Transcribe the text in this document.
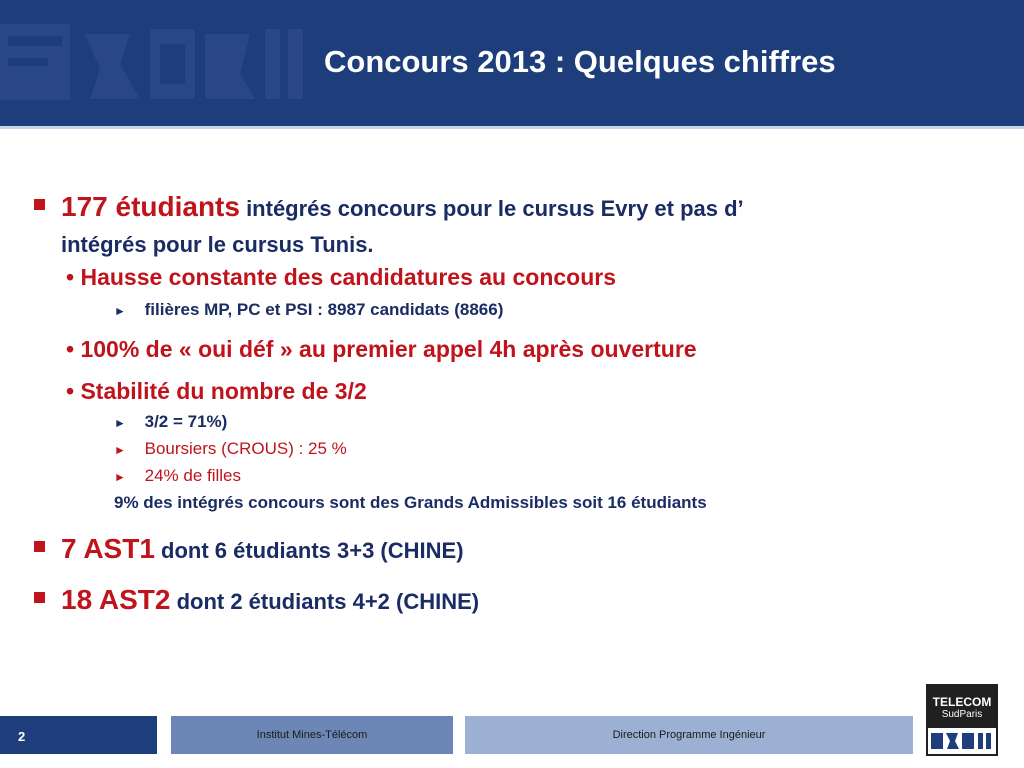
Concours 2013 : Quelques chiffres
177 étudiants intégrés concours pour le cursus Evry et pas d’
intégrés pour le cursus Tunis.
• Hausse constante des candidatures au concours
► filières MP, PC et PSI : 8987 candidats (8866)
• 100% de « oui déf » au premier appel 4h après ouverture
• Stabilité du nombre de 3/2
► 3/2 = 71%)
► Boursiers (CROUS) : 25 %
► 24% de filles
9% des intégrés concours sont des Grands Admissibles soit 16 étudiants
7 AST1 dont 6 étudiants 3+3 (CHINE)
18 AST2 dont 2 étudiants 4+2 (CHINE)
2	Institut Mines-Télécom	Direction Programme Ingénieur
TELECOM
SudParis
